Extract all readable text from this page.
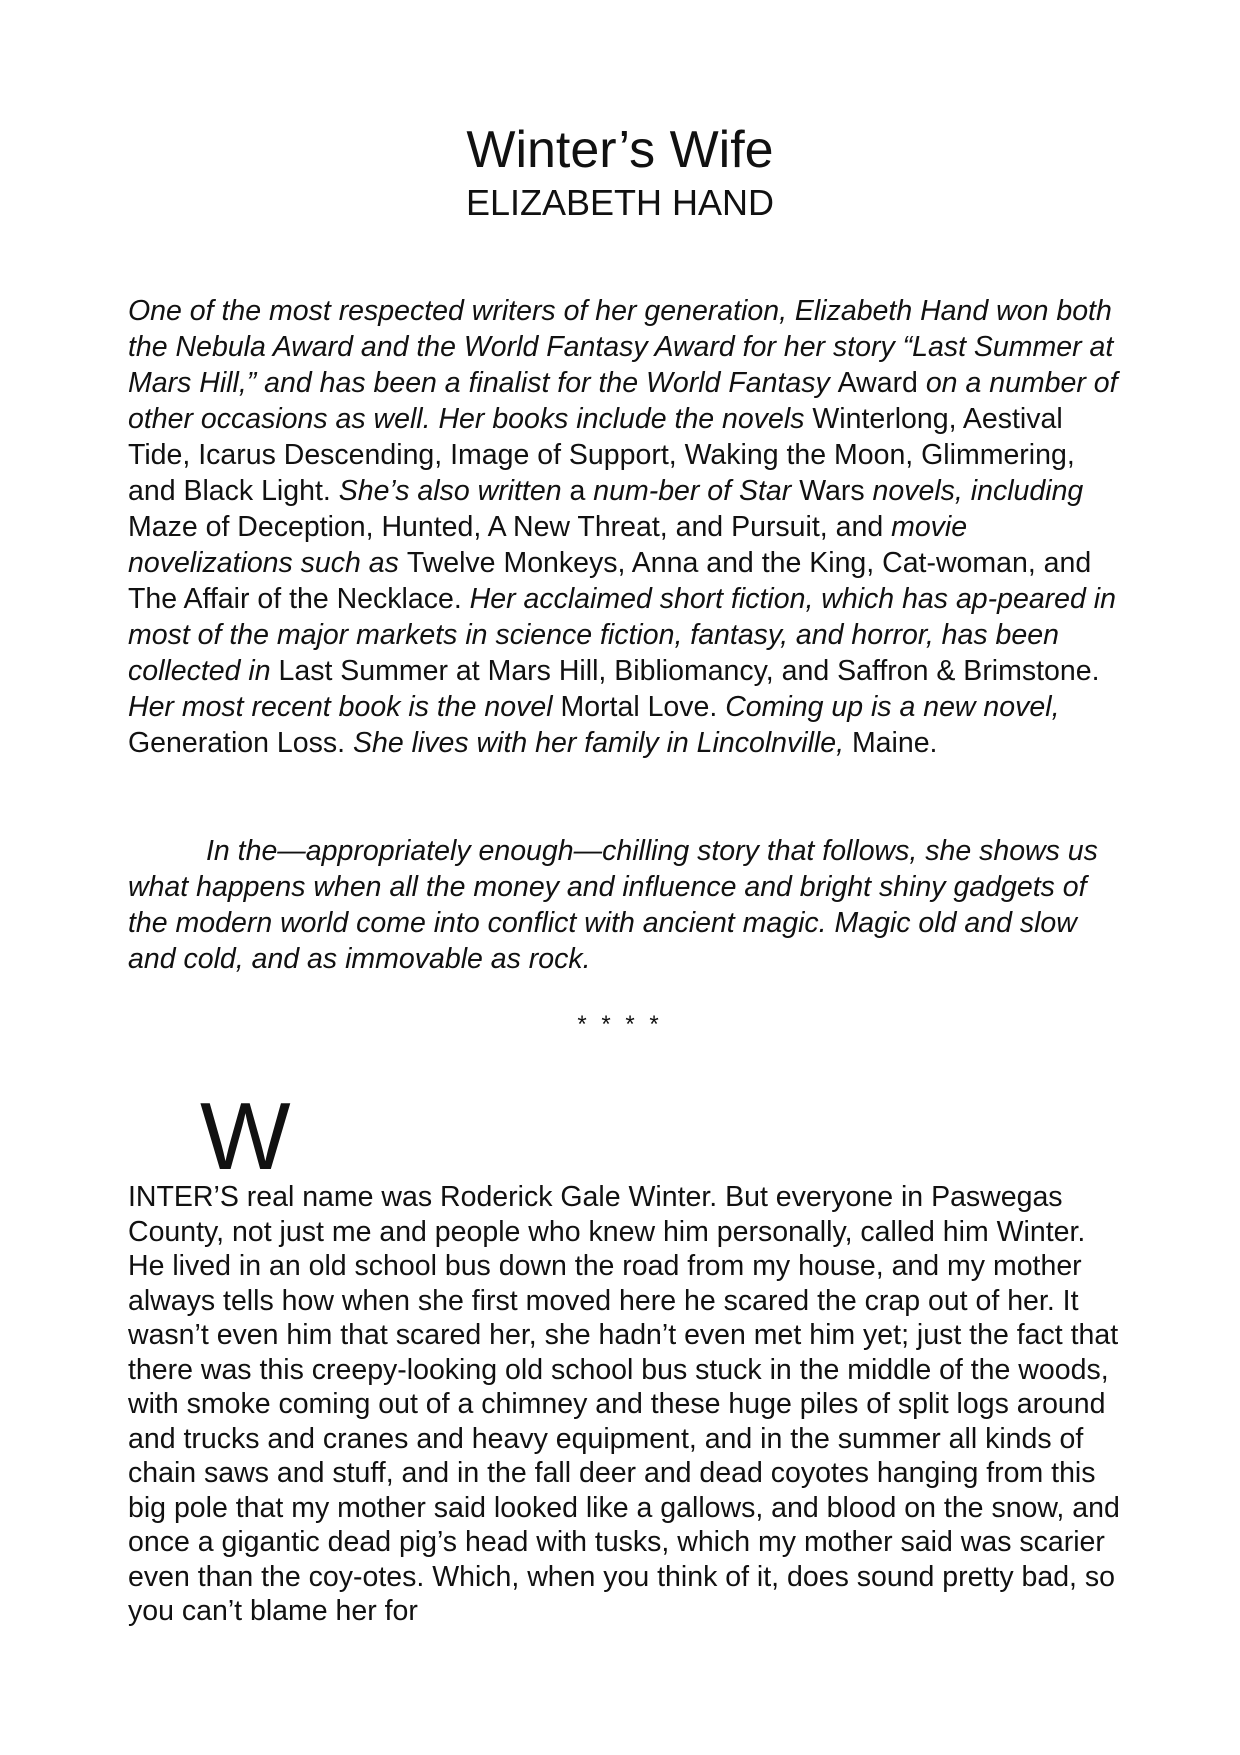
Winter’s Wife
ELIZABETH HAND

One of the most respected writers of her generation, Elizabeth Hand won both the Nebula Award and the World Fantasy Award for her story “Last Summer at Mars Hill,” and has been a finalist for the World Fantasy Award on a number of other occasions as well. Her books include the novels Winterlong, Aestival Tide, Icarus Descending, Image of Support, Waking the Moon, Glimmering, and Black Light. She’s also written a num-ber of Star Wars novels, including Maze of Deception, Hunted, A New Threat, and Pursuit, and movie novelizations such as Twelve Monkeys, Anna and the King, Cat-woman, and The Affair of the Necklace. Her acclaimed short fiction, which has ap-peared in most of the major markets in science fiction, fantasy, and horror, has been collected in Last Summer at Mars Hill, Bibliomancy, and Saffron & Brimstone. Her most recent book is the novel Mortal Love. Coming up is a new novel, Generation Loss. She lives with her family in Lincolnville, Maine.

In the—appropriately enough—chilling story that follows, she shows us what happens when all the money and influence and bright shiny gadgets of the modern world come into conflict with ancient magic. Magic old and slow and cold, and as immovable as rock.

* * * *
W

INTER’S real name was Roderick Gale Winter. But everyone in Paswegas County, not just me and people who knew him personally, called him Winter. He lived in an old school bus down the road from my house, and my mother always tells how when she first moved here he scared the crap out of her. It wasn’t even him that scared her, she hadn’t even met him yet; just the fact that there was this creepy-looking old school bus stuck in the middle of the woods, with smoke coming out of a chimney and these huge piles of split logs around and trucks and cranes and heavy equipment, and in the summer all kinds of chain saws and stuff, and in the fall deer and dead coyotes hanging from this big pole that my mother said looked like a gallows, and blood on the snow, and once a gigantic dead pig’s head with tusks, which my mother said was scarier even than the coy-otes. Which, when you think of it, does sound pretty bad, so you can’t blame her for
